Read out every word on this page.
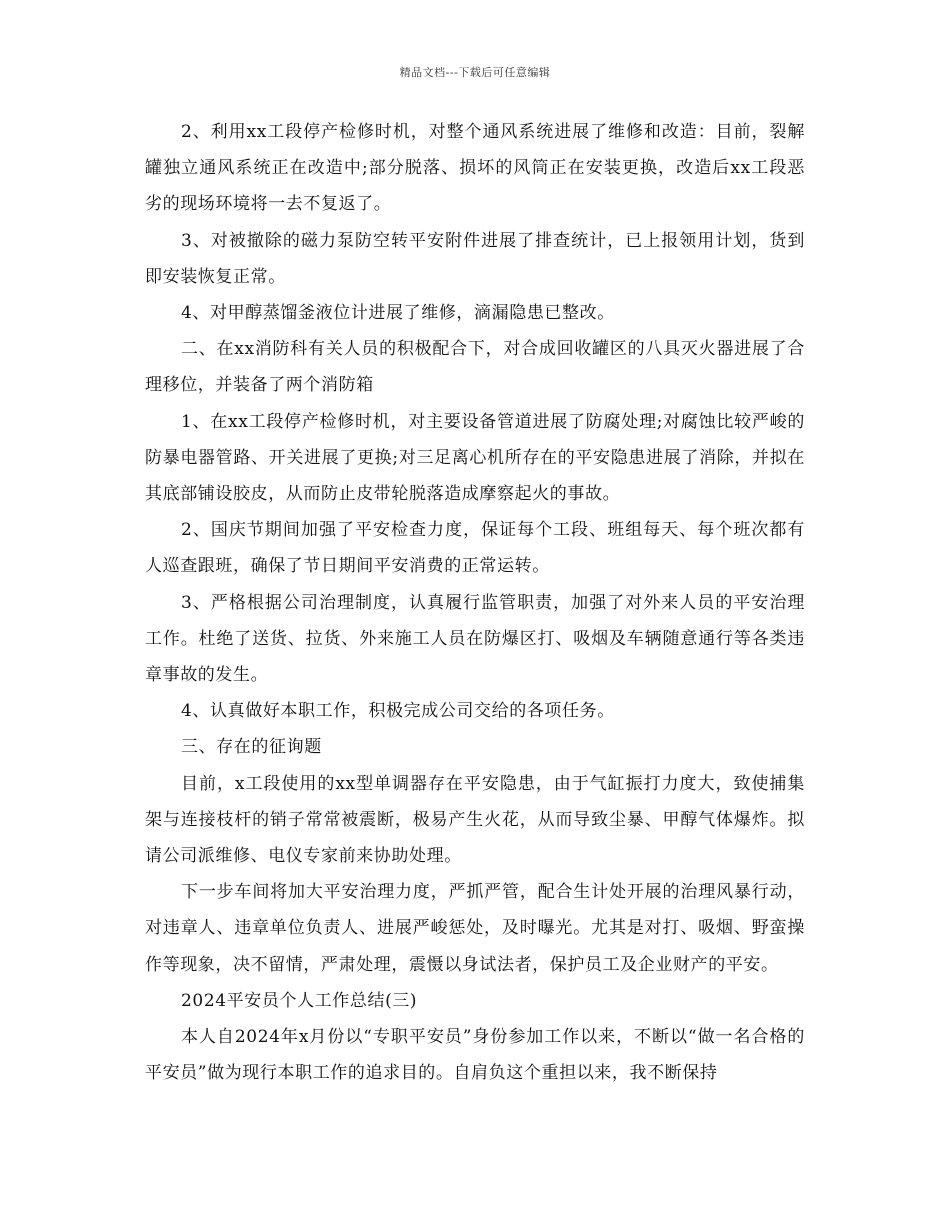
精品文档---下载后可任意编辑

2、利用xx工段停产检修时机，对整个通风系统进展了维修和改造：目前，裂解罐独立通风系统正在改造中;部分脱落、损坏的风筒正在安装更换，改造后xx工段恶劣的现场环境将一去不复返了。

3、对被撤除的磁力泵防空转平安附件进展了排查统计，已上报领用计划，货到即安装恢复正常。

4、对甲醇蒸馏釜液位计进展了维修，滴漏隐患已整改。

二、在xx消防科有关人员的积极配合下，对合成回收罐区的八具灭火器进展了合理移位，并装备了两个消防箱

1、在xx工段停产检修时机，对主要设备管道进展了防腐处理;对腐蚀比较严峻的防暴电器管路、开关进展了更换;对三足离心机所存在的平安隐患进展了消除，并拟在其底部铺设胶皮，从而防止皮带轮脱落造成摩察起火的事故。

2、国庆节期间加强了平安检查力度，保证每个工段、班组每天、每个班次都有人巡查跟班，确保了节日期间平安消费的正常运转。

3、严格根据公司治理制度，认真履行监管职责，加强了对外来人员的平安治理工作。杜绝了送货、拉货、外来施工人员在防爆区打、吸烟及车辆随意通行等各类违章事故的发生。

4、认真做好本职工作，积极完成公司交给的各项任务。

三、存在的征询题

目前，x工段使用的xx型单调器存在平安隐患，由于气缸振打力度大，致使捕集架与连接枝杆的销子常常被震断，极易产生火花，从而导致尘暴、甲醇气体爆炸。拟请公司派维修、电仪专家前来协助处理。

下一步车间将加大平安治理力度，严抓严管，配合生计处开展的治理风暴行动，对违章人、违章单位负责人、进展严峻惩处，及时曝光。尤其是对打、吸烟、野蛮操作等现象，决不留情，严肃处理，震慑以身试法者，保护员工及企业财产的平安。

2024平安员个人工作总结(三)

本人自2024年x月份以“专职平安员”身份参加工作以来，不断以“做一名合格的平安员”做为现行本职工作的追求目的。自肩负这个重担以来，我不断保持
